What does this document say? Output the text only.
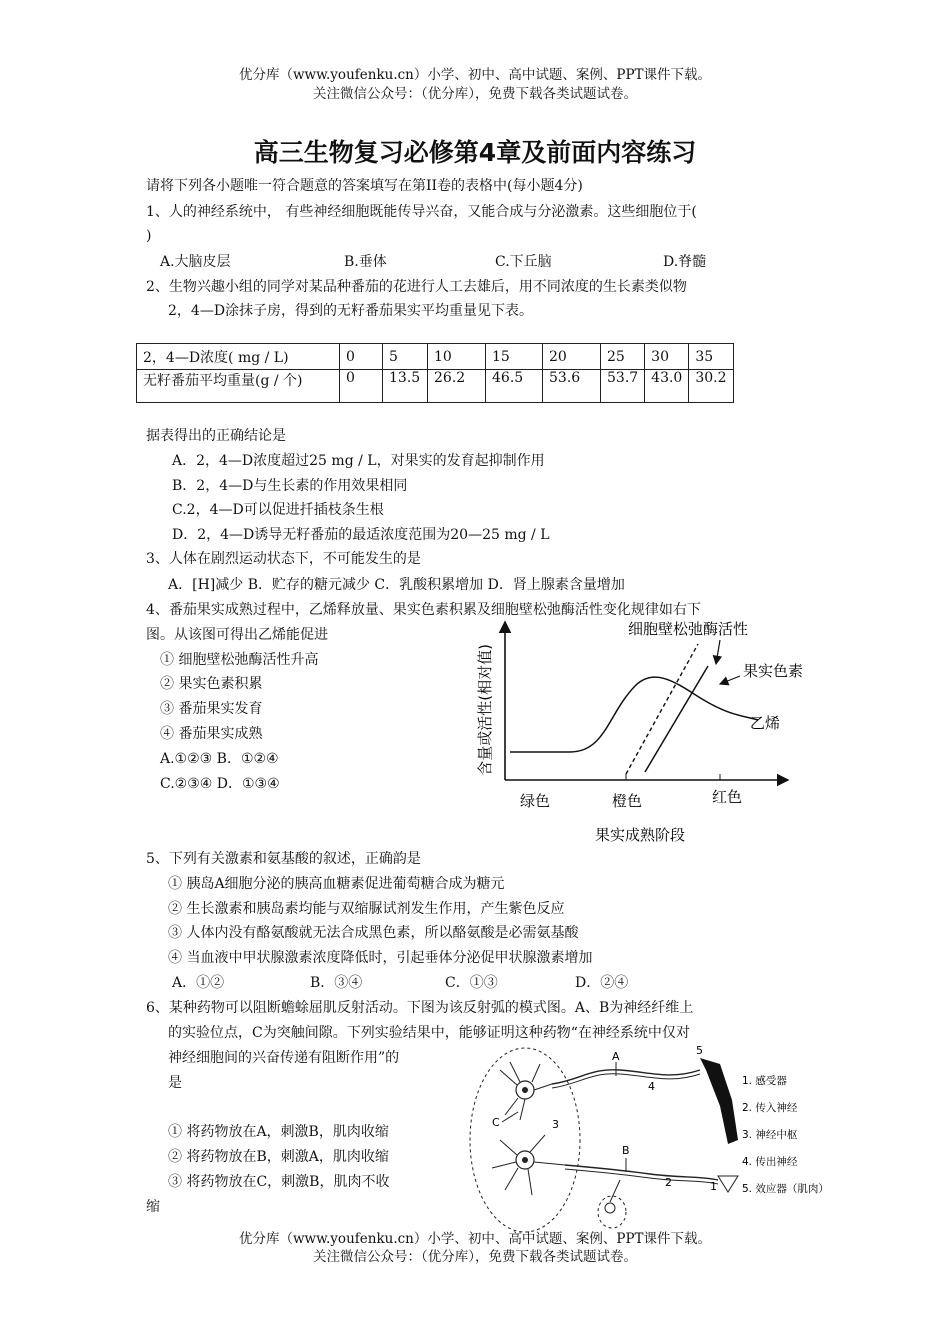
优分库（www.youfenku.cn）小学、初中、高中试题、案例、PPT课件下载。
关注微信公众号：（优分库），免费下载各类试题试卷。
高三生物复习必修第4章及前面内容练习
请将下列各小题唯一符合题意的答案填写在第II卷的表格中(每小题4分)
1、人的神经系统中， 有些神经细胞既能传导兴奋，又能合成与分泌激素。这些细胞位于(
)
A.大脑皮层	B.垂体	C.下丘脑	D.脊髓
2、生物兴趣小组的同学对某品种番茄的花进行人工去雄后，用不同浓度的生长素类似物
2，4—D涂抹子房，得到的无籽番茄果实平均重量见下表。
2，4—D浓度( mg / L)	0	5	10	15	20	25	30	35
无籽番茄平均重量(g / 个)	0	13.5	26.2	46.5	53.6	53.7	43.0	30.2
据表得出的正确结论是
A．2，4—D浓度超过25 mg / L，对果实的发育起抑制作用
B．2，4—D与生长素的作用效果相同
C.2，4—D可以促进扦插枝条生根
D．2，4—D诱导无籽番茄的最适浓度范围为20—25 mg / L
3、人体在剧烈运动状态下，不可能发生的是
A．[H]减少 B．贮存的糖元减少 C．乳酸积累增加 D．肾上腺素含量增加
4、番茄果实成熟过程中，乙烯释放量、果实色素积累及细胞壁松弛酶活性变化规律如右下
图。从该图可得出乙烯能促进
① 细胞壁松弛酶活性升高
② 果实色素积累
③ 番茄果实发育
④ 番茄果实成熟
A.①②③ B．①②④
C.②③④ D．①③④
细胞壁松弛酶活性
果实色素
乙烯
含量或活性(相对值)
绿色	橙色	红色
果实成熟阶段
5、下列有关激素和氨基酸的叙述，正确韵是
① 胰岛A细胞分泌的胰高血糖素促进葡萄糖合成为糖元
② 生长激素和胰岛素均能与双缩脲试剂发生作用，产生紫色反应
③ 人体内没有酪氨酸就无法合成黑色素，所以酪氨酸是必需氨基酸
④ 当血液中甲状腺激素浓度降低时，引起垂体分泌促甲状腺激素增加
A．①②	B．③④	C．①③	D．②④
6、某种药物可以阻断蟾蜍屈肌反射活动。下图为该反射弧的模式图。A、B为神经纤维上
的实验位点，C为突触间隙。下列实验结果中，能够证明这种药物“在神经系统中仅对
神经细胞间的兴奋传递有阻断作用”的
是
① 将药物放在A，刺激B，肌肉收缩
② 将药物放在B，刺激A，肌肉收缩
③ 将药物放在C，刺激B，肌肉不收
缩
A
B
C
1
2
3
4
5
1. 感受器
2. 传入神经
3. 神经中枢
4. 传出神经
5. 效应器（肌肉）
优分库（www.youfenku.cn）小学、初中、高中试题、案例、PPT课件下载。
关注微信公众号：（优分库），免费下载各类试题试卷。
